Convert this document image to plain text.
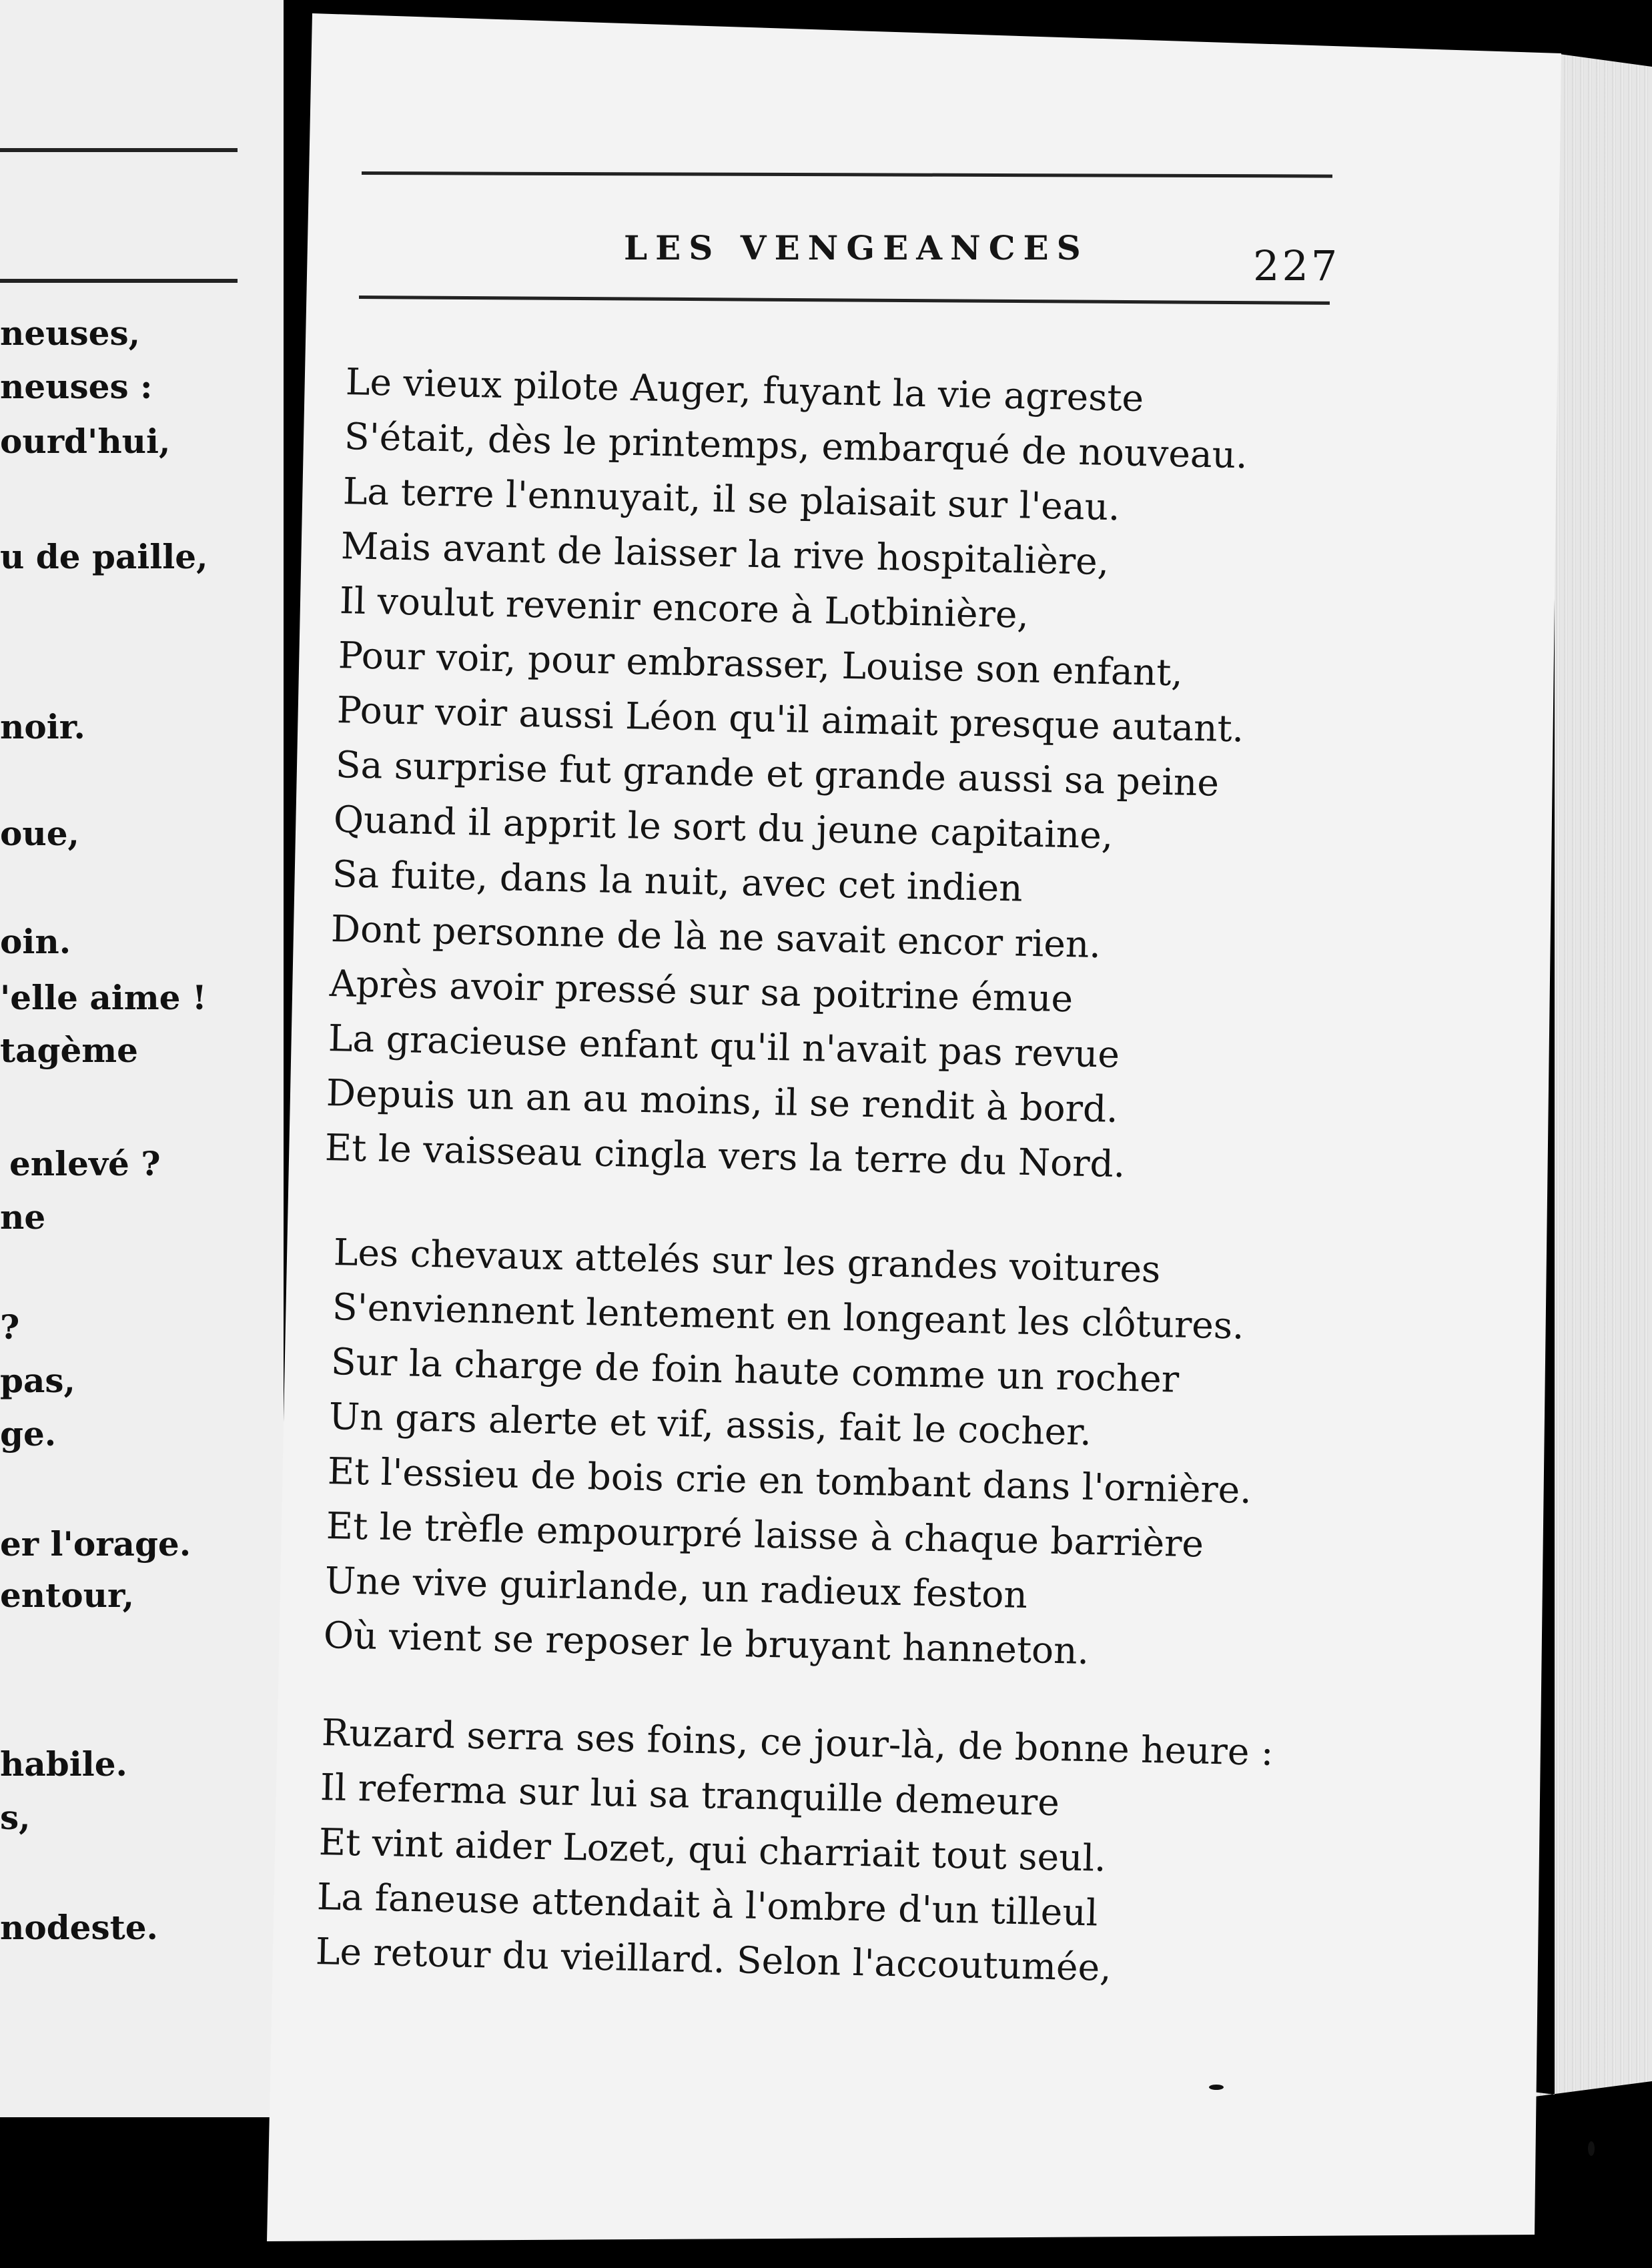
neuses,
neuses :
ourd'hui,
u de paille,
noir.
oue,
oin.
'elle aime !
tagème
enlevé ?
ne
?
pas,
ge.
er l'orage.
entour,
habile.
s,
nodeste.
LES VENGEANCES	227
Le vieux pilote Auger, fuyant la vie agreste
S'était, dès le printemps, embarqué de nouveau.
La terre l'ennuyait, il se plaisait sur l'eau.
Mais avant de laisser la rive hospitalière,
Il voulut revenir encore à Lotbinière,
Pour voir, pour embrasser, Louise son enfant,
Pour voir aussi Léon qu'il aimait presque autant.
Sa surprise fut grande et grande aussi sa peine
Quand il apprit le sort du jeune capitaine,
Sa fuite, dans la nuit, avec cet indien
Dont personne de là ne savait encor rien.
Après avoir pressé sur sa poitrine émue
La gracieuse enfant qu'il n'avait pas revue
Depuis un an au moins, il se rendit à bord.
Et le vaisseau cingla vers la terre du Nord.
Les chevaux attelés sur les grandes voitures
S'enviennent lentement en longeant les clôtures.
Sur la charge de foin haute comme un rocher
Un gars alerte et vif, assis, fait le cocher.
Et l'essieu de bois crie en tombant dans l'ornière.
Et le trèfle empourpré laisse à chaque barrière
Une vive guirlande, un radieux feston
Où vient se reposer le bruyant hanneton.
Ruzard serra ses foins, ce jour-là, de bonne heure :
Il referma sur lui sa tranquille demeure
Et vint aider Lozet, qui charriait tout seul.
La faneuse attendait à l'ombre d'un tilleul
Le retour du vieillard. Selon l'accoutumée,
